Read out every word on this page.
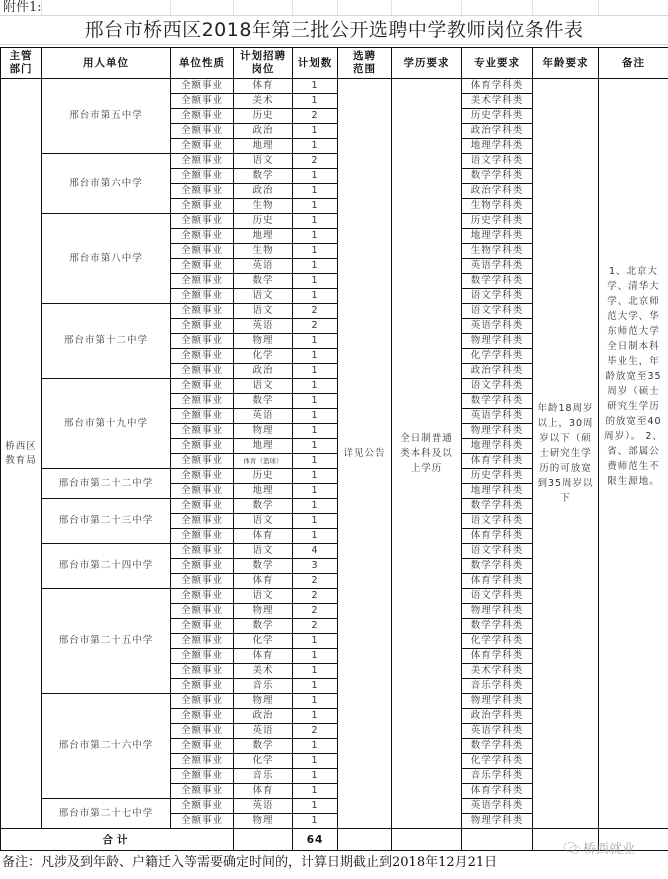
附件1:
邢台市桥西区2018年第三批公开选聘中学教师岗位条件表
主管部门	用人单位	单位性质	计划招聘岗位	计划数	选聘范围	学历要求	专业要求	年龄要求	备注
桥西区教育局	邢台市第五中学	全额事业	体育	1	详见公告	全日制普通类本科及以上学历	体育学科类	年龄18周岁以上，30周岁以下（硕士研究生学历的可放宽到35周岁以下	1、北京大学、清华大学、北京师范大学、华东师范大学全日制本科毕业生，年龄放宽至35周岁（硕士研究生学历的放宽至40周岁）。 2、省、部属公费师范生不限生源地。

		全额事业	美术	1			美术学科类		
		全额事业	历史	2			历史学科类		
		全额事业	政治	1			政治学科类		
		全额事业	地理	1			地理学科类		
	邢台市第六中学	全额事业	语文	2			语文学科类		
		全额事业	数学	1			数学学科类		
		全额事业	政治	1			政治学科类		
		全额事业	生物	1			生物学科类		
	邢台市第八中学	全额事业	历史	1			历史学科类		
		全额事业	地理	1			地理学科类		
		全额事业	生物	1			生物学科类		
		全额事业	英语	1			英语学科类		
		全额事业	数学	1			数学学科类		
		全额事业	语文	1			语文学科类		
	邢台市第十二中学	全额事业	语文	2			语文学科类		
		全额事业	英语	2			英语学科类		
		全额事业	物理	1			物理学科类		
		全额事业	化学	1			化学学科类		
		全额事业	政治	1			政治学科类		
	邢台市第十九中学	全额事业	语文	1			语文学科类		
		全额事业	数学	1			数学学科类		
		全额事业	英语	1			英语学科类		
		全额事业	物理	1			物理学科类		
		全额事业	地理	1			地理学科类		
		全额事业	体育（篮球）	1			体育学科类		
	邢台市第二十二中学	全额事业	历史	1			历史学科类		
		全额事业	地理	1			地理学科类		
	邢台市第二十三中学	全额事业	数学	1			数学学科类		
		全额事业	语文	1			语文学科类		
		全额事业	体育	1			体育学科类		
	邢台市第二十四中学	全额事业	语文	4			语文学科类		
		全额事业	数学	3			数学学科类		
		全额事业	体育	2			体育学科类		
	邢台市第二十五中学	全额事业	语文	2			语文学科类		
		全额事业	物理	2			物理学科类		
		全额事业	数学	2			数学学科类		
		全额事业	化学	1			化学学科类		
		全额事业	体育	1			体育学科类		
		全额事业	美术	1			美术学科类		
		全额事业	音乐	1			音乐学科类		
	邢台市第二十六中学	全额事业	物理	1			物理学科类		
		全额事业	政治	1			政治学科类		
		全额事业	英语	2			英语学科类		
		全额事业	数学	1			数学学科类		
		全额事业	化学	1			化学学科类		
		全额事业	音乐	1			音乐学科类		
		全额事业	体育	1			体育学科类		
	邢台市第二十七中学	全额事业	英语	1			英语学科类		
		全额事业	物理	1			物理学科类		
合计				64					
备注：凡涉及到年龄、户籍迁入等需要确定时间的，计算日期截止到2018年12月21日
桥西就业
